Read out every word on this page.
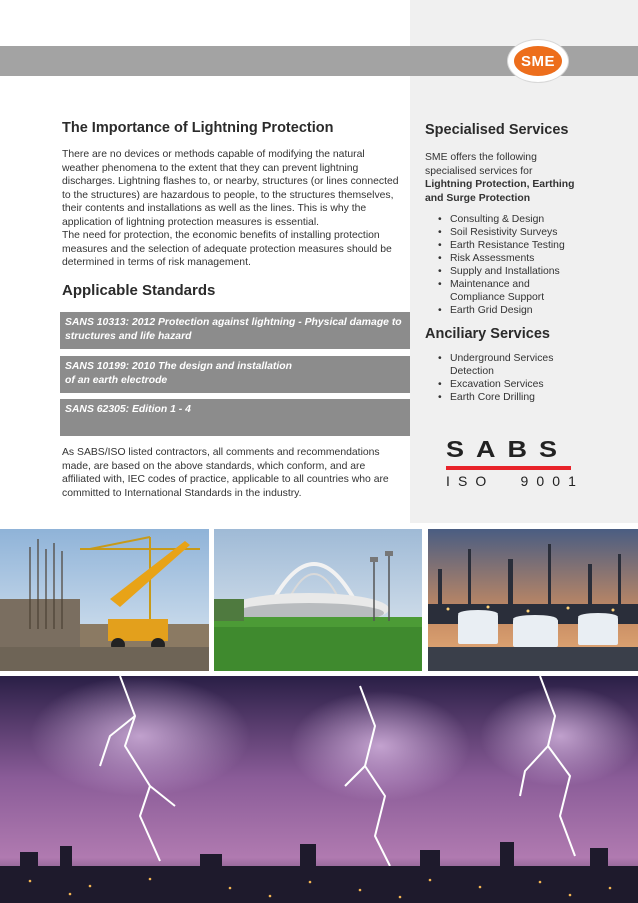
SME
The Importance of Lightning Protection

There are no devices or methods capable of modifying the natural weather phenomena to the extent that they can prevent lightning discharges. Lightning flashes to, or nearby, structures (or lines connected to the structures) are hazardous to people, to the structures themselves, their contents and installations as well as the lines. This is why the application of lightning protection measures is essential.

The need for protection, the economic benefits of installing protection measures and the selection of adequate protection measures should be determined in terms of risk management.

Applicable Standards
SANS 10313: 2012 Protection against lightning - Physical damage to structures and life hazard
SANS 10199: 2010 The design and installation of an earth electrode
SANS 62305: Edition 1 - 4

As SABS/ISO listed contractors, all comments and recommendations made, are based on the above standards, which conform, and are affiliated with, IEC codes of practice, applicable to all countries who are committed to International Standards in the industry.

Specialised Services

SME offers the following specialised services for Lightning Protection, Earthing and Surge Protection

• Consulting & Design
• Soil Resistivity Surveys
• Earth Resistance Testing
• Risk Assessments
• Supply and Installations
• Maintenance and Compliance Support
• Earth Grid Design
Anciliary Services
• Underground Services Detection
• Excavation Services
• Earth Core Drilling
SABS
I S O 9 0 0 1
